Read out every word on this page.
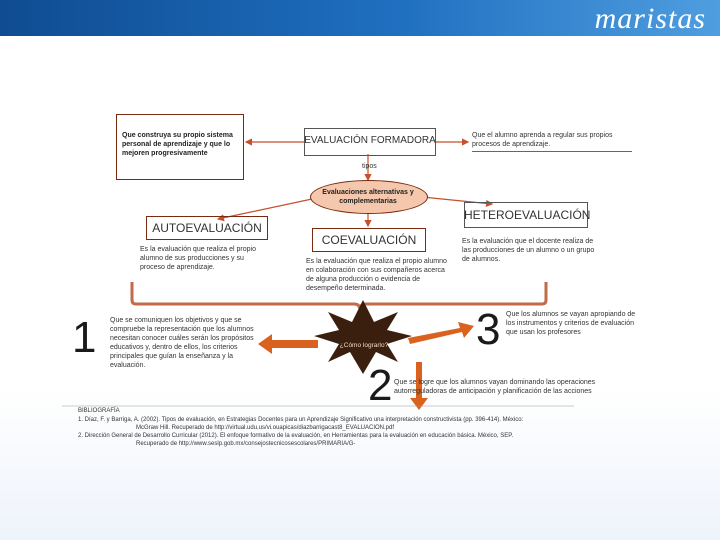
maristas
Que construya su propio sistema personal de aprendizaje y que lo mejoren progresivamente
EVALUACIÓN FORMADORA	Que el alumno aprenda a regular sus propios procesos de aprendizaje.
tipos
Evaluaciones alternativas y complementarias
AUTOEVALUACIÓN
Es la evaluación que realiza el propio alumno de sus producciones y su proceso de aprendizaje.
COEVALUACIÓN
Es la evaluación que realiza el propio alumno en colaboración con sus compañeros acerca de alguna producción o evidencia de desempeño determinada.
HETEROEVALUACIÓN
Es la evaluación que el docente realiza de las producciones de un alumno o un grupo de alumnos.
1 Que se comuniquen los objetivos y que se compruebe la representación que los alumnos necesitan conocer cuáles serán los propósitos educativos y, dentro de ellos, los criterios principales que guían la enseñanza y la evaluación.
¿Cómo lograrlo? 3 Que los alumnos se vayan apropiando de los instrumentos y criterios de evaluación que usan los profesores
2 Que se logre que los alumnos vayan dominando las operaciones autorreguladoras de anticipación y planificación de las acciones
BIBLIOGRAFÍA
1. Díaz, F. y Barriga, A. (2002). Tipos de evaluación, en Estrategias Docentes para un Aprendizaje Significativo una interpretación constructivista (pp. 396-414). México:
McGraw Hill. Recuperado de http://virtual.udu.us/vi.ouapicas/diazbarrigacast8_EVALUACION.pdf
2. Dirección General de Desarrollo Curricular (2012). El enfoque formativo de la evaluación, en Herramientas para la evaluación en educación básica. México, SEP.
Recuperado de http://www.seslp.gob.mx/consejostecnicosescolares/PRIMARIA/G-
